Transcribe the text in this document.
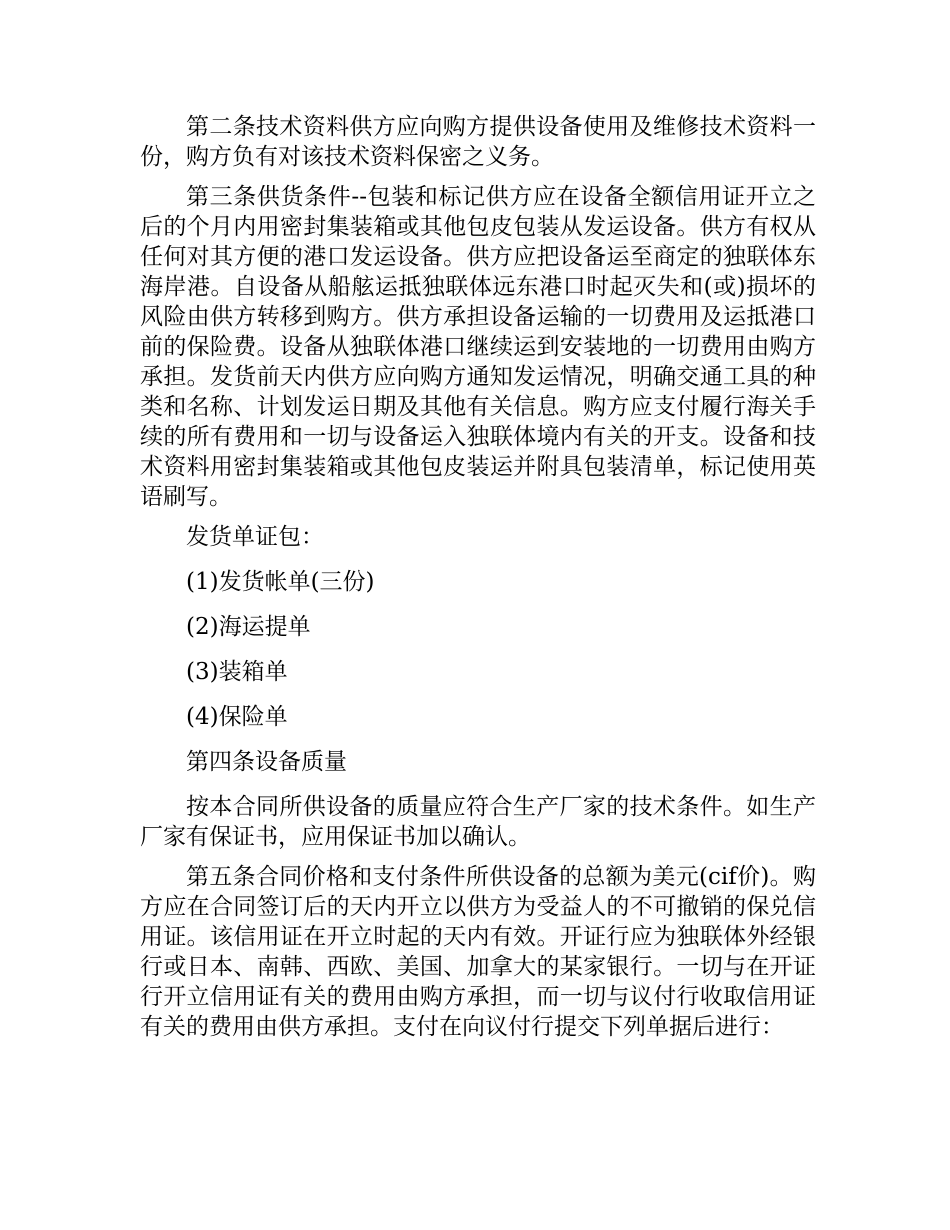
第二条技术资料供方应向购方提供设备使用及维修技术资料一份，购方负有对该技术资料保密之义务。

第三条供货条件--包装和标记供方应在设备全额信用证开立之后的个月内用密封集装箱或其他包皮包装从发运设备。供方有权从任何对其方便的港口发运设备。供方应把设备运至商定的独联体东海岸港。自设备从船舷运抵独联体远东港口时起灭失和(或)损坏的风险由供方转移到购方。供方承担设备运输的一切费用及运抵港口前的保险费。设备从独联体港口继续运到安装地的一切费用由购方承担。发货前天内供方应向购方通知发运情况，明确交通工具的种类和名称、计划发运日期及其他有关信息。购方应支付履行海关手续的所有费用和一切与设备运入独联体境内有关的开支。设备和技术资料用密封集装箱或其他包皮装运并附具包装清单，标记使用英语刷写。

发货单证包：

(1)发货帐单(三份)

(2)海运提单

(3)装箱单

(4)保险单

第四条设备质量

按本合同所供设备的质量应符合生产厂家的技术条件。如生产厂家有保证书，应用保证书加以确认。

第五条合同价格和支付条件所供设备的总额为美元(cif价)。购方应在合同签订后的天内开立以供方为受益人的不可撤销的保兑信用证。该信用证在开立时起的天内有效。开证行应为独联体外经银行或日本、南韩、西欧、美国、加拿大的某家银行。一切与在开证行开立信用证有关的费用由购方承担，而一切与议付行收取信用证有关的费用由供方承担。支付在向议付行提交下列单据后进行：
